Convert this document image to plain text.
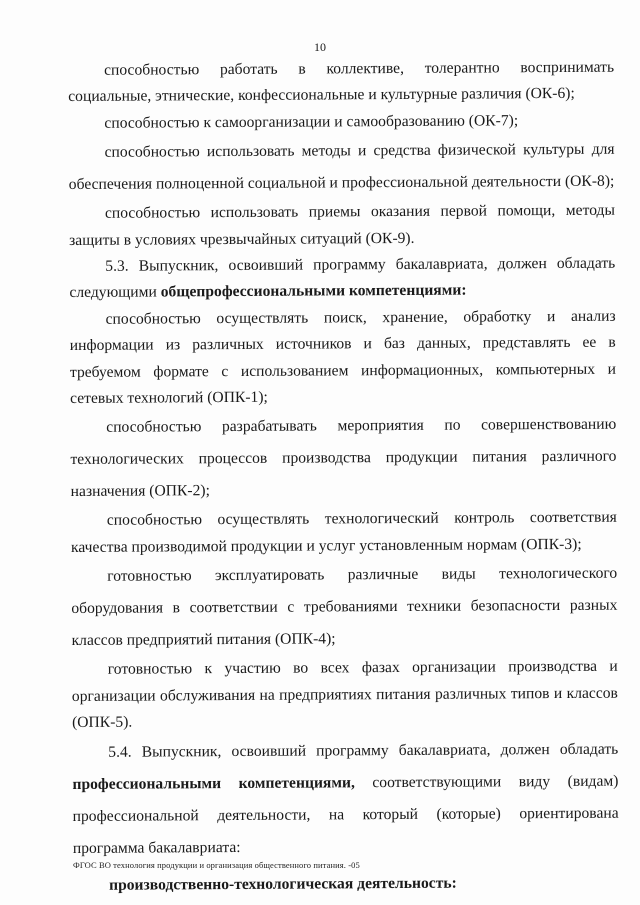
10

способностью работать в коллективе, толерантно воспринимать социальные, этнические, конфессиональные и культурные различия (ОК-6);

способностью к самоорганизации и самообразованию (ОК-7);

способностью использовать методы и средства физической культуры для обеспечения полноценной социальной и профессиональной деятельности (ОК-8);

способностью использовать приемы оказания первой помощи, методы защиты в условиях чрезвычайных ситуаций (ОК-9).

5.3. Выпускник, освоивший программу бакалавриата, должен обладать следующими общепрофессиональными компетенциями:

способностью осуществлять поиск, хранение, обработку и анализ информации из различных источников и баз данных, представлять ее в требуемом формате с использованием информационных, компьютерных и сетевых технологий (ОПК-1);

способностью разрабатывать мероприятия по совершенствованию технологических процессов производства продукции питания различного назначения (ОПК-2);

способностью осуществлять технологический контроль соответствия качества производимой продукции и услуг установленным нормам (ОПК-3);

готовностью эксплуатировать различные виды технологического оборудования в соответствии с требованиями техники безопасности разных классов предприятий питания (ОПК-4);

готовностью к участию во всех фазах организации производства и организации обслуживания на предприятиях питания различных типов и классов (ОПК-5).

5.4. Выпускник, освоивший программу бакалавриата, должен обладать профессиональными компетенциями, соответствующими виду (видам) профессиональной деятельности, на который (которые) ориентирована программа бакалавриата:

производственно-технологическая деятельность:

ФГОС ВО технология продукции и организация общественного питания. -05
